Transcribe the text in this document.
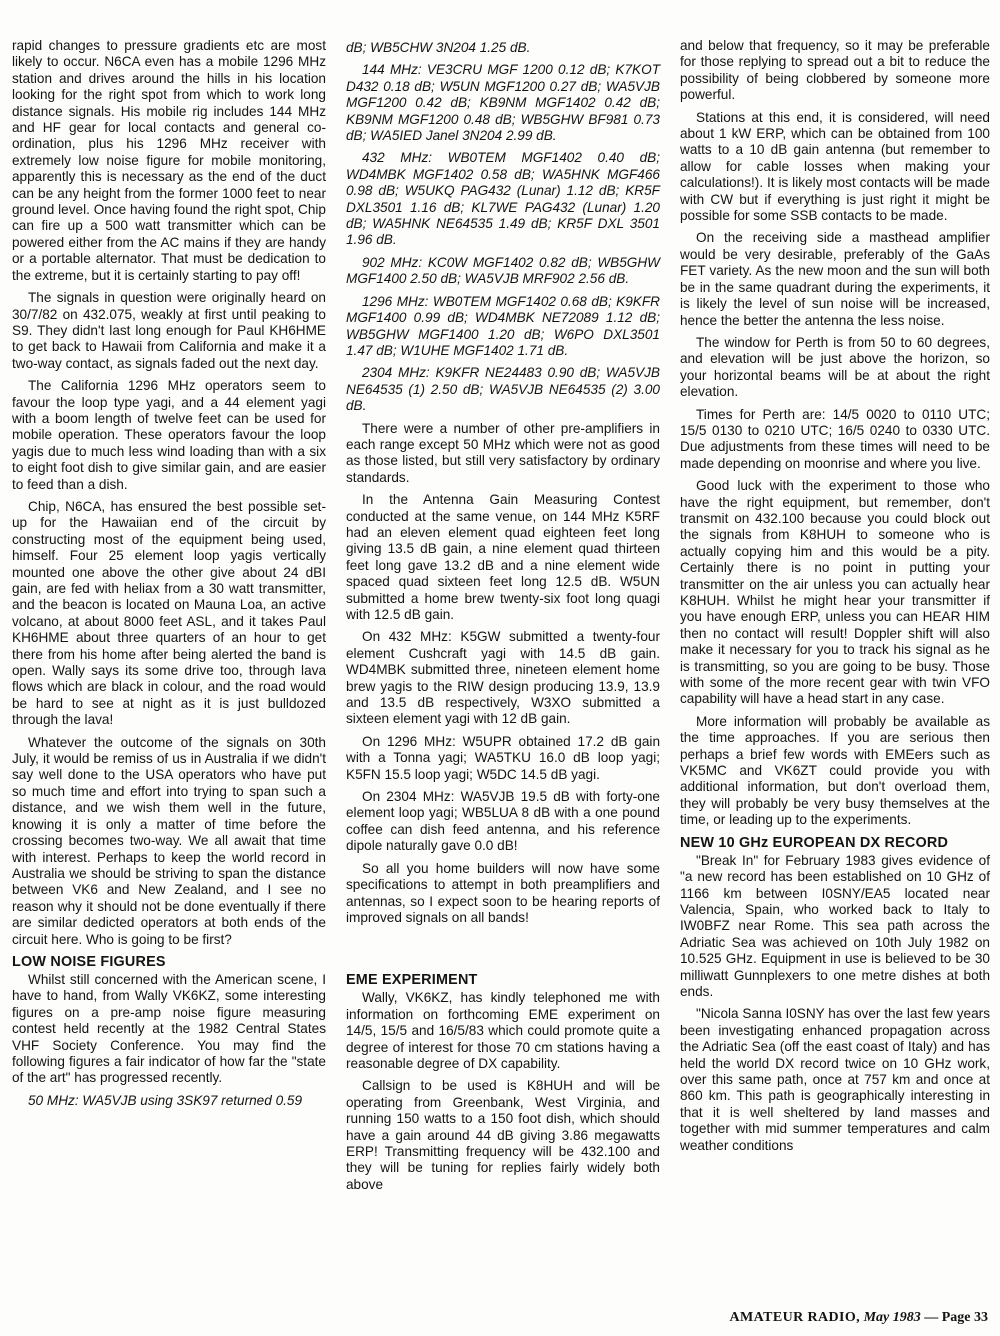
rapid changes to pressure gradients etc are most likely to occur. N6CA even has a mobile 1296 MHz station and drives around the hills in his location looking for the right spot from which to work long distance signals. His mobile rig includes 144 MHz and HF gear for local contacts and general co-ordination, plus his 1296 MHz receiver with extremely low noise figure for mobile monitoring, apparently this is necessary as the end of the duct can be any height from the former 1000 feet to near ground level. Once having found the right spot, Chip can fire up a 500 watt transmitter which can be powered either from the AC mains if they are handy or a portable alternator. That must be dedication to the extreme, but it is certainly starting to pay off!

The signals in question were originally heard on 30/7/82 on 432.075, weakly at first until peaking to S9. They didn't last long enough for Paul KH6HME to get back to Hawaii from California and make it a two-way contact, as signals faded out the next day.

The California 1296 MHz operators seem to favour the loop type yagi, and a 44 element yagi with a boom length of twelve feet can be used for mobile operation. These operators favour the loop yagis due to much less wind loading than with a six to eight foot dish to give similar gain, and are easier to feed than a dish.

Chip, N6CA, has ensured the best possible set-up for the Hawaiian end of the circuit by constructing most of the equipment being used, himself. Four 25 element loop yagis vertically mounted one above the other give about 24 dBI gain, are fed with heliax from a 30 watt transmitter, and the beacon is located on Mauna Loa, an active volcano, at about 8000 feet ASL, and it takes Paul KH6HME about three quarters of an hour to get there from his home after being alerted the band is open. Wally says its some drive too, through lava flows which are black in colour, and the road would be hard to see at night as it is just bulldozed through the lava!

Whatever the outcome of the signals on 30th July, it would be remiss of us in Australia if we didn't say well done to the USA operators who have put so much time and effort into trying to span such a distance, and we wish them well in the future, knowing it is only a matter of time before the crossing becomes two-way. We all await that time with interest. Perhaps to keep the world record in Australia we should be striving to span the distance between VK6 and New Zealand, and I see no reason why it should not be done eventually if there are similar dedicted operators at both ends of the circuit here. Who is going to be first?

LOW NOISE FIGURES

Whilst still concerned with the American scene, I have to hand, from Wally VK6KZ, some interesting figures on a pre-amp noise figure measuring contest held recently at the 1982 Central States VHF Society Conference. You may find the following figures a fair indicator of how far the "state of the art" has progressed recently.

50 MHz: WA5VJB using 3SK97 returned 0.59

dB; WB5CHW 3N204 1.25 dB.

144 MHz: VE3CRU MGF 1200 0.12 dB; K7KOT D432 0.18 dB; W5UN MGF1200 0.27 dB; WA5VJB MGF1200 0.42 dB; KB9NM MGF1402 0.42 dB; KB9NM MGF1200 0.48 dB; WB5GHW BF981 0.73 dB; WA5IED Janel 3N204 2.99 dB.

432 MHz: WB0TEM MGF1402 0.40 dB; WD4MBK MGF1402 0.58 dB; WA5HNK MGF466 0.98 dB; W5UKQ PAG432 (Lunar) 1.12 dB; KR5F DXL3501 1.16 dB; KL7WE PAG432 (Lunar) 1.20 dB; WA5HNK NE64535 1.49 dB; KR5F DXL 3501 1.96 dB.

902 MHz: KC0W MGF1402 0.82 dB; WB5GHW MGF1400 2.50 dB; WA5VJB MRF902 2.56 dB.

1296 MHz: WB0TEM MGF1402 0.68 dB; K9KFR MGF1400 0.99 dB; WD4MBK NE72089 1.12 dB; WB5GHW MGF1400 1.20 dB; W6PO DXL3501 1.47 dB; W1UHE MGF1402 1.71 dB.

2304 MHz: K9KFR NE24483 0.90 dB; WA5VJB NE64535 (1) 2.50 dB; WA5VJB NE64535 (2) 3.00 dB.

There were a number of other pre-amplifiers in each range except 50 MHz which were not as good as those listed, but still very satisfactory by ordinary standards.

In the Antenna Gain Measuring Contest conducted at the same venue, on 144 MHz K5RF had an eleven element quad eighteen feet long giving 13.5 dB gain, a nine element quad thirteen feet long gave 13.2 dB and a nine element wide spaced quad sixteen feet long 12.5 dB. W5UN submitted a home brew twenty-six foot long quagi with 12.5 dB gain.

On 432 MHz: K5GW submitted a twenty-four element Cushcraft yagi with 14.5 dB gain. WD4MBK submitted three, nineteen element home brew yagis to the RIW design producing 13.9, 13.9 and 13.5 dB respectively, W3XO submitted a sixteen element yagi with 12 dB gain.

On 1296 MHz: W5UPR obtained 17.2 dB gain with a Tonna yagi; WA5TKU 16.0 dB loop yagi; K5FN 15.5 loop yagi; W5DC 14.5 dB yagi.

On 2304 MHz: WA5VJB 19.5 dB with forty-one element loop yagi; WB5LUA 8 dB with a one pound coffee can dish feed antenna, and his reference dipole naturally gave 0.0 dB!

So all you home builders will now have some specifications to attempt in both preamplifiers and antennas, so I expect soon to be hearing reports of improved signals on all bands!

EME EXPERIMENT

Wally, VK6KZ, has kindly telephoned me with information on forthcoming EME experiment on 14/5, 15/5 and 16/5/83 which could promote quite a degree of interest for those 70 cm stations having a reasonable degree of DX capability.

Callsign to be used is K8HUH and will be operating from Greenbank, West Virginia, and running 150 watts to a 150 foot dish, which should have a gain around 44 dB giving 3.86 megawatts ERP! Transmitting frequency will be 432.100 and they will be tuning for replies fairly widely both above

and below that frequency, so it may be preferable for those replying to spread out a bit to reduce the possibility of being clobbered by someone more powerful.

Stations at this end, it is considered, will need about 1 kW ERP, which can be obtained from 100 watts to a 10 dB gain antenna (but remember to allow for cable losses when making your calculations!). It is likely most contacts will be made with CW but if everything is just right it might be possible for some SSB contacts to be made.

On the receiving side a masthead amplifier would be very desirable, preferably of the GaAs FET variety. As the new moon and the sun will both be in the same quadrant during the experiments, it is likely the level of sun noise will be increased, hence the better the antenna the less noise.

The window for Perth is from 50 to 60 degrees, and elevation will be just above the horizon, so your horizontal beams will be at about the right elevation.

Times for Perth are: 14/5 0020 to 0110 UTC; 15/5 0130 to 0210 UTC; 16/5 0240 to 0330 UTC. Due adjustments from these times will need to be made depending on moonrise and where you live.

Good luck with the experiment to those who have the right equipment, but remember, don't transmit on 432.100 because you could block out the signals from K8HUH to someone who is actually copying him and this would be a pity. Certainly there is no point in putting your transmitter on the air unless you can actually hear K8HUH. Whilst he might hear your transmitter if you have enough ERP, unless you can HEAR HIM then no contact will result! Doppler shift will also make it necessary for you to track his signal as he is transmitting, so you are going to be busy. Those with some of the more recent gear with twin VFO capability will have a head start in any case.

More information will probably be available as the time approaches. If you are serious then perhaps a brief few words with EMEers such as VK5MC and VK6ZT could provide you with additional information, but don't overload them, they will probably be very busy themselves at the time, or leading up to the experiments.

NEW 10 GHz EUROPEAN DX RECORD

"Break In" for February 1983 gives evidence of "a new record has been established on 10 GHz of 1166 km between I0SNY/EA5 located near Valencia, Spain, who worked back to Italy to IW0BFZ near Rome. This sea path across the Adriatic Sea was achieved on 10th July 1982 on 10.525 GHz. Equipment in use is believed to be 30 milliwatt Gunnplexers to one metre dishes at both ends.

"Nicola Sanna I0SNY has over the last few years been investigating enhanced propagation across the Adriatic Sea (off the east coast of Italy) and has held the world DX record twice on 10 GHz work, over this same path, once at 757 km and once at 860 km. This path is geographically interesting in that it is well sheltered by land masses and together with mid summer temperatures and calm weather conditions

AMATEUR RADIO, May 1983 — Page 33
